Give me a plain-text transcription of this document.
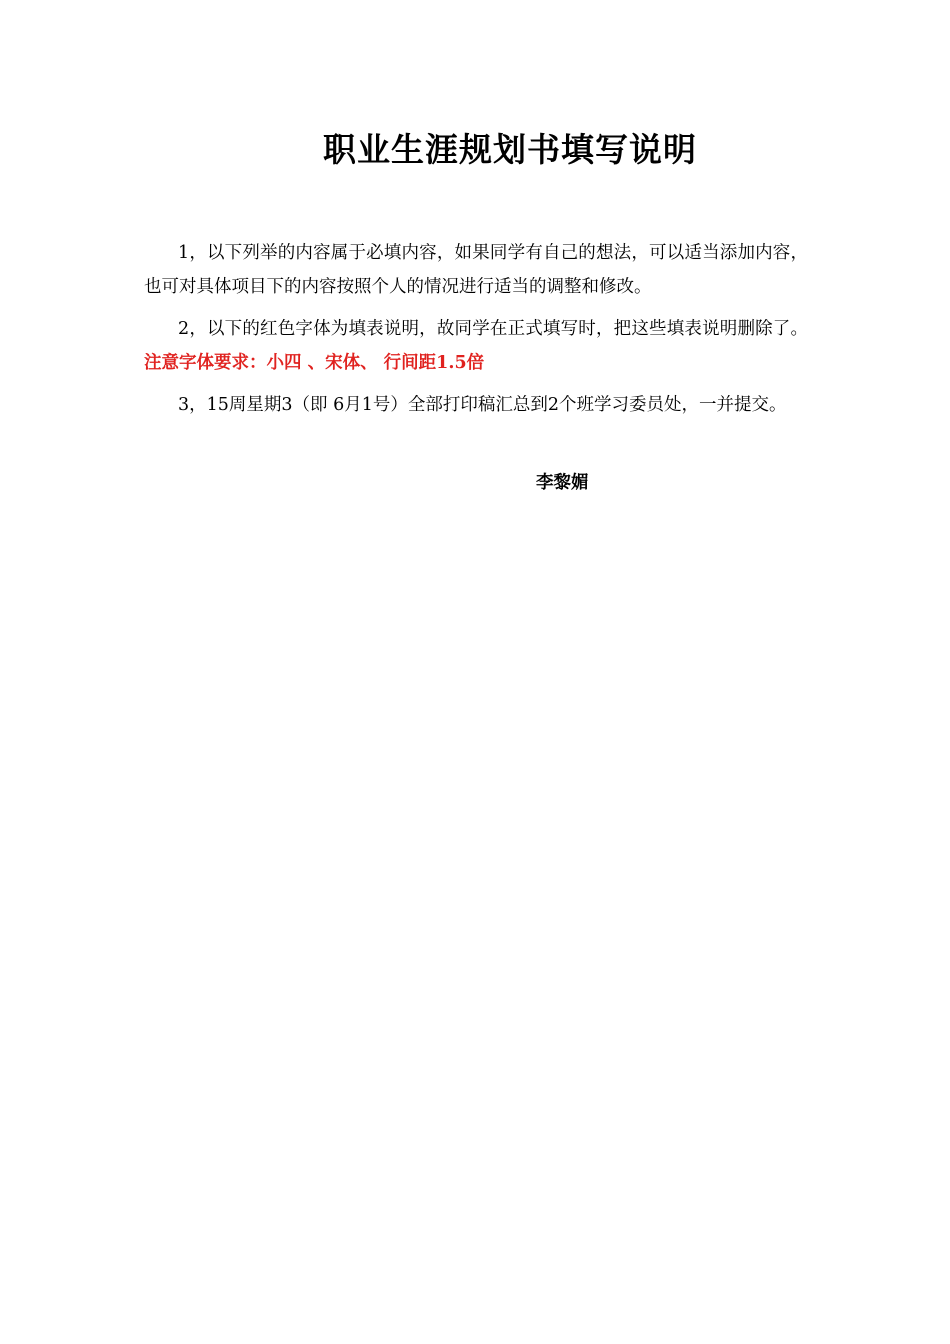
职业生涯规划书填写说明

1，以下列举的内容属于必填内容，如果同学有自己的想法，可以适当添加内容，也可对具体项目下的内容按照个人的情况进行适当的调整和修改。

2，以下的红色字体为填表说明，故同学在正式填写时，把这些填表说明删除了。注意字体要求：小四 、宋体、 行间距1.5倍

3，15周星期3（即 6月1号）全部打印稿汇总到2个班学习委员处，一并提交。

李黎媚
